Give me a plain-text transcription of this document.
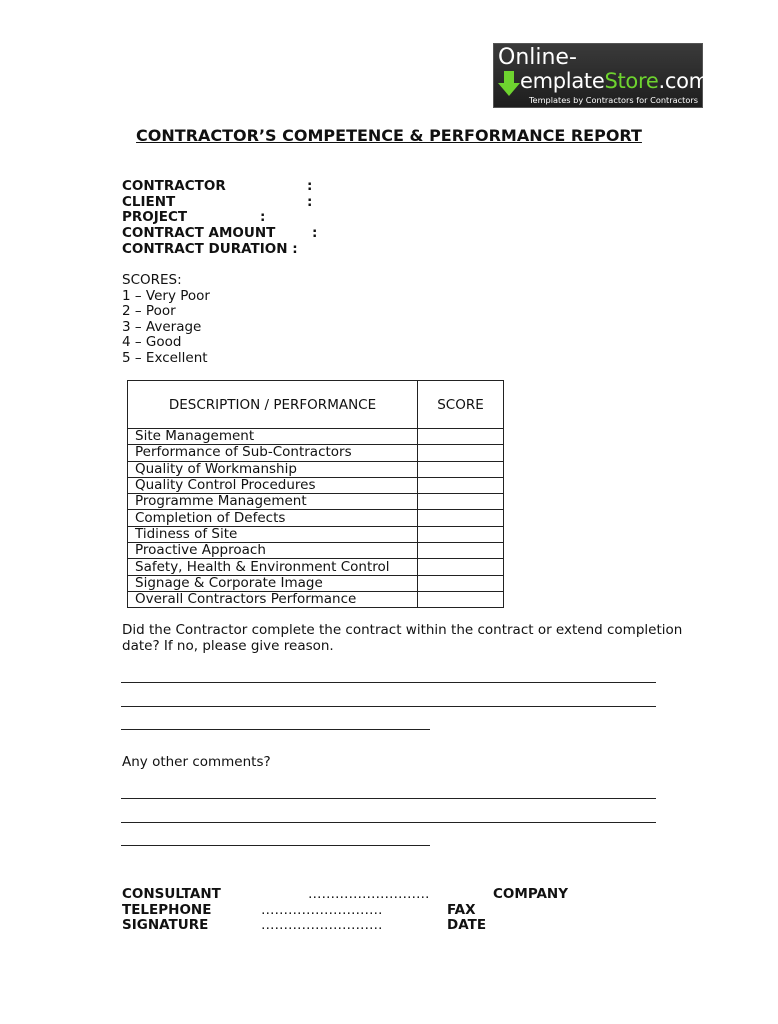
Online-
emplateStore.com
Templates by Contractors for Contractors
CONTRACTOR’S COMPETENCE & PERFORMANCE REPORT
CONTRACTOR	:
CLIENT	:
PROJECT	:
CONTRACT AMOUNT	:
CONTRACT DURATION :
SCORES:
1 – Very Poor
2 – Poor
3 – Average
4 – Good
5 – Excellent
DESCRIPTION / PERFORMANCE	SCORE
Site Management	
Performance of Sub-Contractors	
Quality of Workmanship	
Quality Control Procedures	
Programme Management	
Completion of Defects	
Tidiness of Site	
Proactive Approach	
Safety, Health & Environment Control	
Signage & Corporate Image	
Overall Contractors Performance	
Did the Contractor complete the contract within the contract or extend completion
date? If no, please give reason.
Any other comments?
CONSULTANT	………………………	COMPANY
TELEPHONE	………………………	FAX
SIGNATURE	………………………	DATE
